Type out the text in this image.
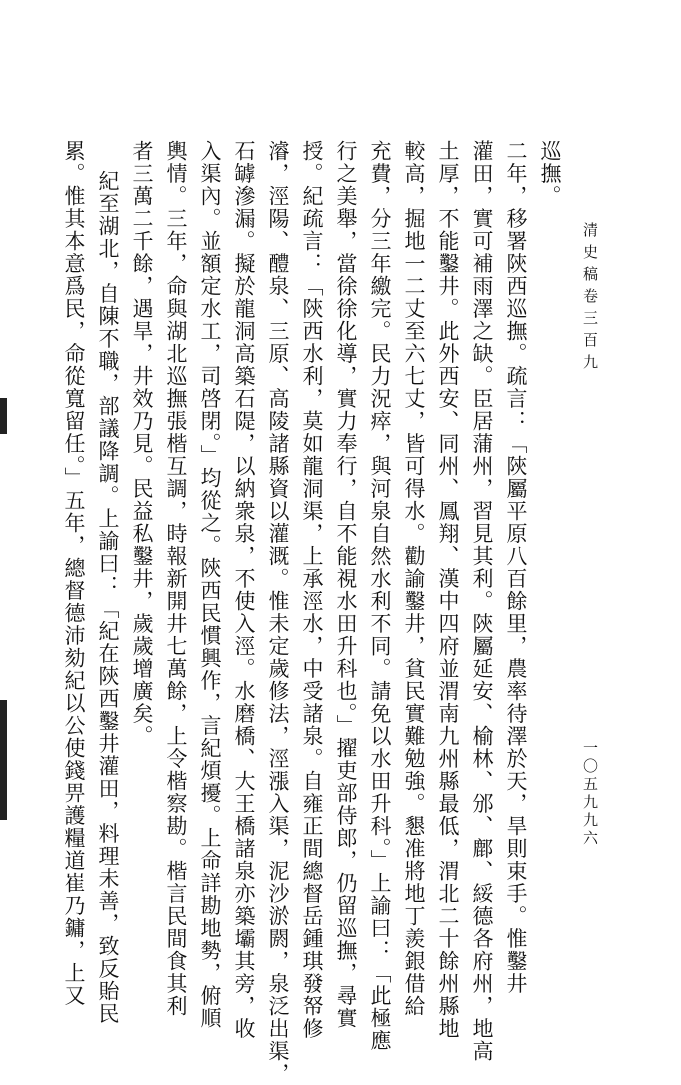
清史稿卷三百九
一〇五九九六
巡撫。
二年，移署陝西巡撫。疏言：「陝屬平原八百餘里，農率待澤於天，旱則束手。惟鑿井
灌田，實可補雨澤之缺。臣居蒲州，習見其利。陝屬延安、榆林、邠、鄜、綏德各府州，地高
土厚，不能鑿井。此外西安、同州、鳳翔、漢中四府並渭南九州縣最低，渭北二十餘州縣地
較高，掘地一二丈至六七丈，皆可得水。勸諭鑿井，貧民實難勉強。懇准將地丁羨銀借給
充費，分三年繳完。民力況瘁，與河泉自然水利不同。請免以水田升科。」上諭曰：「此極應
行之美舉，當徐徐化導，實力奉行，自不能視水田升科也。」擢吏部侍郎，仍留巡撫，尋實
授。紀疏言：「陝西水利，莫如龍洞渠，上承涇水，中受諸泉。自雍正間總督岳鍾琪發帑修
濬，涇陽、醴泉、三原、高陵諸縣資以灌溉。惟未定歲修法，涇漲入渠，泥沙淤閼，泉泛出渠，
石罅滲漏。擬於龍洞高築石隄，以納衆泉，不使入涇。水磨橋、大王橋諸泉亦築壩其旁，收
入渠內。並額定水工，司啓閉。」均從之。陝西民慣興作，言紀煩擾。上命詳勘地勢，俯順
輿情。三年，命與湖北巡撫張楷互調，時報新開井七萬餘，上令楷察勘。楷言民間食其利
者三萬二千餘，遇旱，井效乃見。民益私鑿井，歲歲增廣矣。
紀至湖北，自陳不職，部議降調。上諭曰：「紀在陝西鑿井灌田，料理未善，致反貽民
累。惟其本意爲民，命從寬留任。」五年，總督德沛劾紀以公使錢畀護糧道崔乃鏞，上又
